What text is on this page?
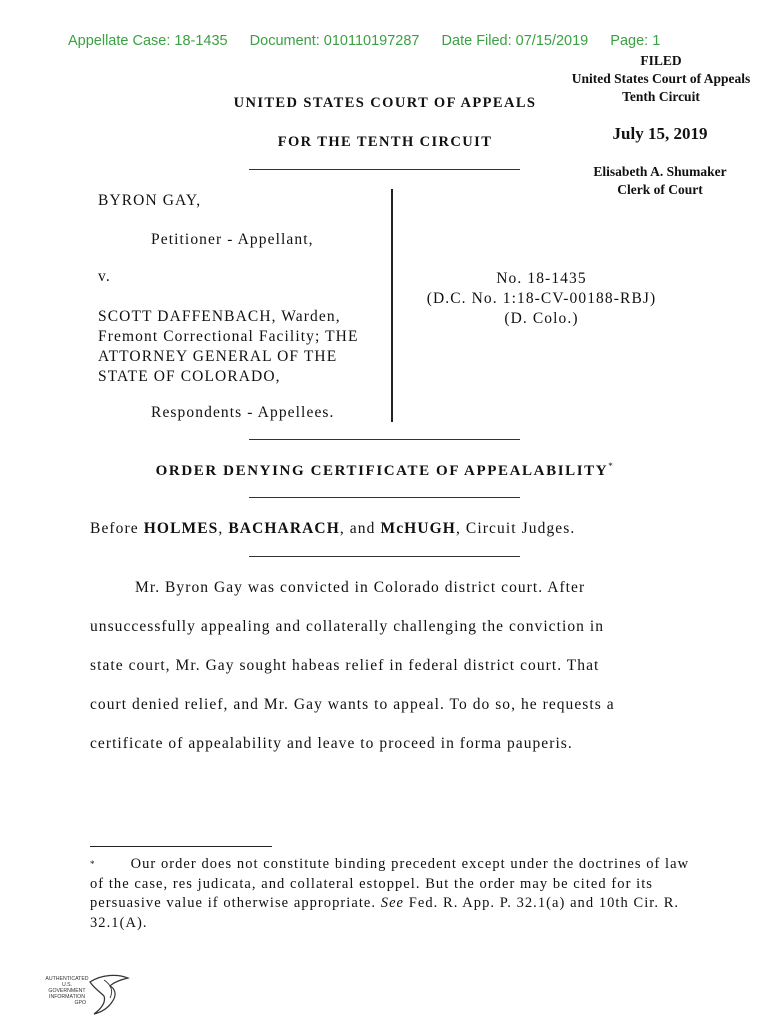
Appellate Case: 18-1435 Document: 010110197287 Date Filed: 07/15/2019 Page: 1
FILED
United States Court of Appeals
Tenth Circuit
July 15, 2019
Elisabeth A. Shumaker
Clerk of Court
UNITED STATES COURT OF APPEALS
FOR THE TENTH CIRCUIT
BYRON GAY,
Petitioner - Appellant,
v.
SCOTT DAFFENBACH, Warden,
Fremont Correctional Facility; THE
ATTORNEY GENERAL OF THE
STATE OF COLORADO,
Respondents - Appellees.
No. 18-1435
(D.C. No. 1:18-CV-00188-RBJ)
(D. Colo.)
ORDER DENYING CERTIFICATE OF APPEALABILITY*
Before HOLMES, BACHARACH, and McHUGH, Circuit Judges.
Mr. Byron Gay was convicted in Colorado district court. After
unsuccessfully appealing and collaterally challenging the conviction in
state court, Mr. Gay sought habeas relief in federal district court. That
court denied relief, and Mr. Gay wants to appeal. To do so, he requests a
certificate of appealability and leave to proceed in forma pauperis.
* Our order does not constitute binding precedent except under the doctrines of law of the case, res judicata, and collateral estoppel. But the order may be cited for its persuasive value if otherwise appropriate. See Fed. R. App. P. 32.1(a) and 10th Cir. R. 32.1(A).
AUTHENTICATED
U.S. GOVERNMENT
INFORMATION
GPO
